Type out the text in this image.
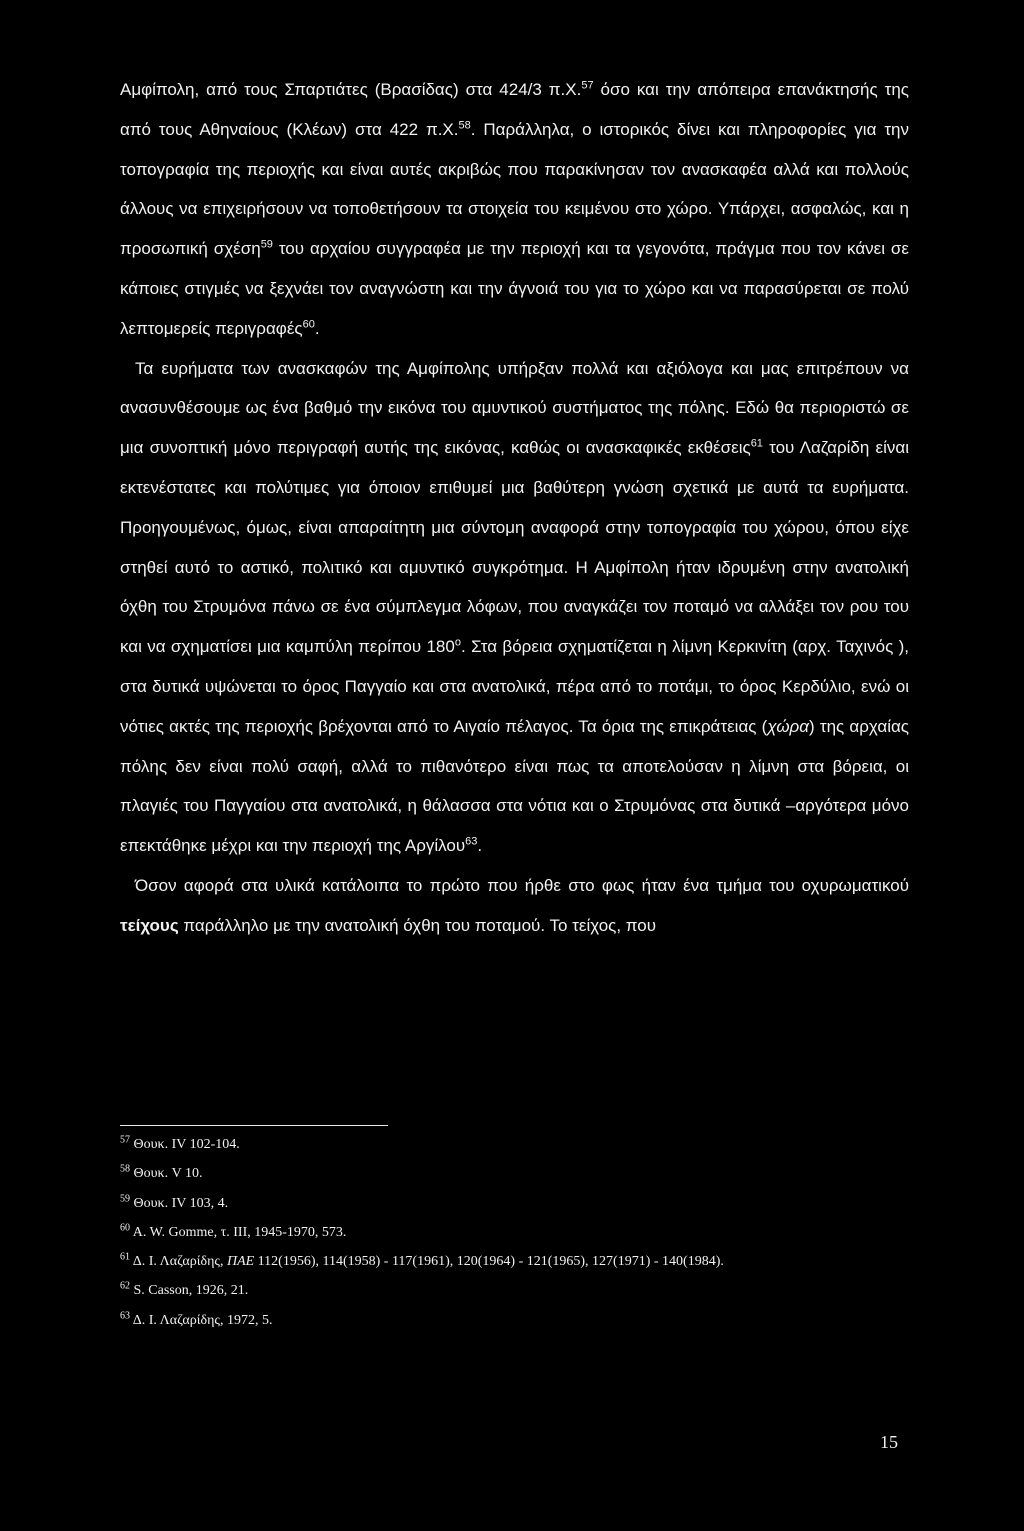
Αμφίπολη, από τους Σπαρτιάτες (Βρασίδας) στα 424/3 π.Χ.$^{57}$ όσο και την απόπειρα επανάκτησής της από τους Αθηναίους (Κλέων) στα 422 π.Χ.$^{58}$. Παράλληλα, ο ιστορικός δίνει και πληροφορίες για την τοπογραφία της περιοχής και είναι αυτές ακριβώς που παρακίνησαν τον ανασκαφέα αλλά και πολλούς άλλους να επιχειρήσουν να τοποθετήσουν τα στοιχεία του κειμένου στο χώρο. Υπάρχει, ασφαλώς, και η προσωπική σχέση$^{59}$ του αρχαίου συγγραφέα με την περιοχή και τα γεγονότα, πράγμα που τον κάνει σε κάποιες στιγμές να ξεχνάει τον αναγνώστη και την άγνοιά του για το χώρο και να παρασύρεται σε πολύ λεπτομερείς περιγραφές$^{60}$.

Τα ευρήματα των ανασκαφών της Αμφίπολης υπήρξαν πολλά και αξιόλογα και μας επιτρέπουν να ανασυνθέσουμε ως ένα βαθμό την εικόνα του αμυντικού συστήματος της πόλης. Εδώ θα περιοριστώ σε μια συνοπτική μόνο περιγραφή αυτής της εικόνας, καθώς οι ανασκαφικές εκθέσεις$^{61}$ του Λαζαρίδη είναι εκτενέστατες και πολύτιμες για όποιον επιθυμεί μια βαθύτερη γνώση σχετικά με αυτά τα ευρήματα. Προηγουμένως, όμως, είναι απαραίτητη μια σύντομη αναφορά στην τοπογραφία του χώρου, όπου είχε στηθεί αυτό το αστικό, πολιτικό και αμυντικό συγκρότημα. Η Αμφίπολη ήταν ιδρυμένη στην ανατολική όχθη του Στρυμόνα πάνω σε ένα σύμπλεγμα λόφων, που αναγκάζει τον ποταμό να αλλάξει τον ρου του και να σχηματίσει μια καμπύλη περίπου $180^o$. Στα βόρεια σχηματίζεται η λίμνη Κερκινίτη (αρχ. Ταχινός ), στα δυτικά υψώνεται το όρος Παγγαίο και στα ανατολικά, πέρα από το ποτάμι, το όρος Κερδύλιο, ενώ οι νότιες ακτές της περιοχής βρέχονται από το Αιγαίο πέλαγος. Τα όρια της επικράτειας (χώρα) της αρχαίας πόλης δεν είναι πολύ σαφή, αλλά το πιθανότερο είναι πως τα αποτελούσαν η λίμνη στα βόρεια, οι πλαγιές του Παγγαίου στα ανατολικά, η θάλασσα στα νότια και ο Στρυμόνας στα δυτικά –αργότερα μόνο επεκτάθηκε μέχρι και την περιοχή της Αργίλου$^{63}$.

Όσον αφορά στα υλικά κατάλοιπα το πρώτο που ήρθε στο φως ήταν ένα τμήμα του οχυρωματικού τείχους παράλληλο με την ανατολική όχθη του ποταμού. Το τείχος, που

$^{57}$ Θουκ. IV 102-104.

$^{58}$ Θουκ. V 10.

$^{59}$ Θουκ. IV 103, 4.

$^{60}$ A. W. Gomme, τ. III, 1945-1970, 573.

$^{61}$ Δ. Ι. Λαζαρίδης, ΠΑΕ 112(1956), 114(1958) - 117(1961), 120(1964) - 121(1965), 127(1971) - 140(1984).

$^{62}$ S. Casson, 1926, 21.

$^{63}$ Δ. Ι. Λαζαρίδης, 1972, 5.

15
